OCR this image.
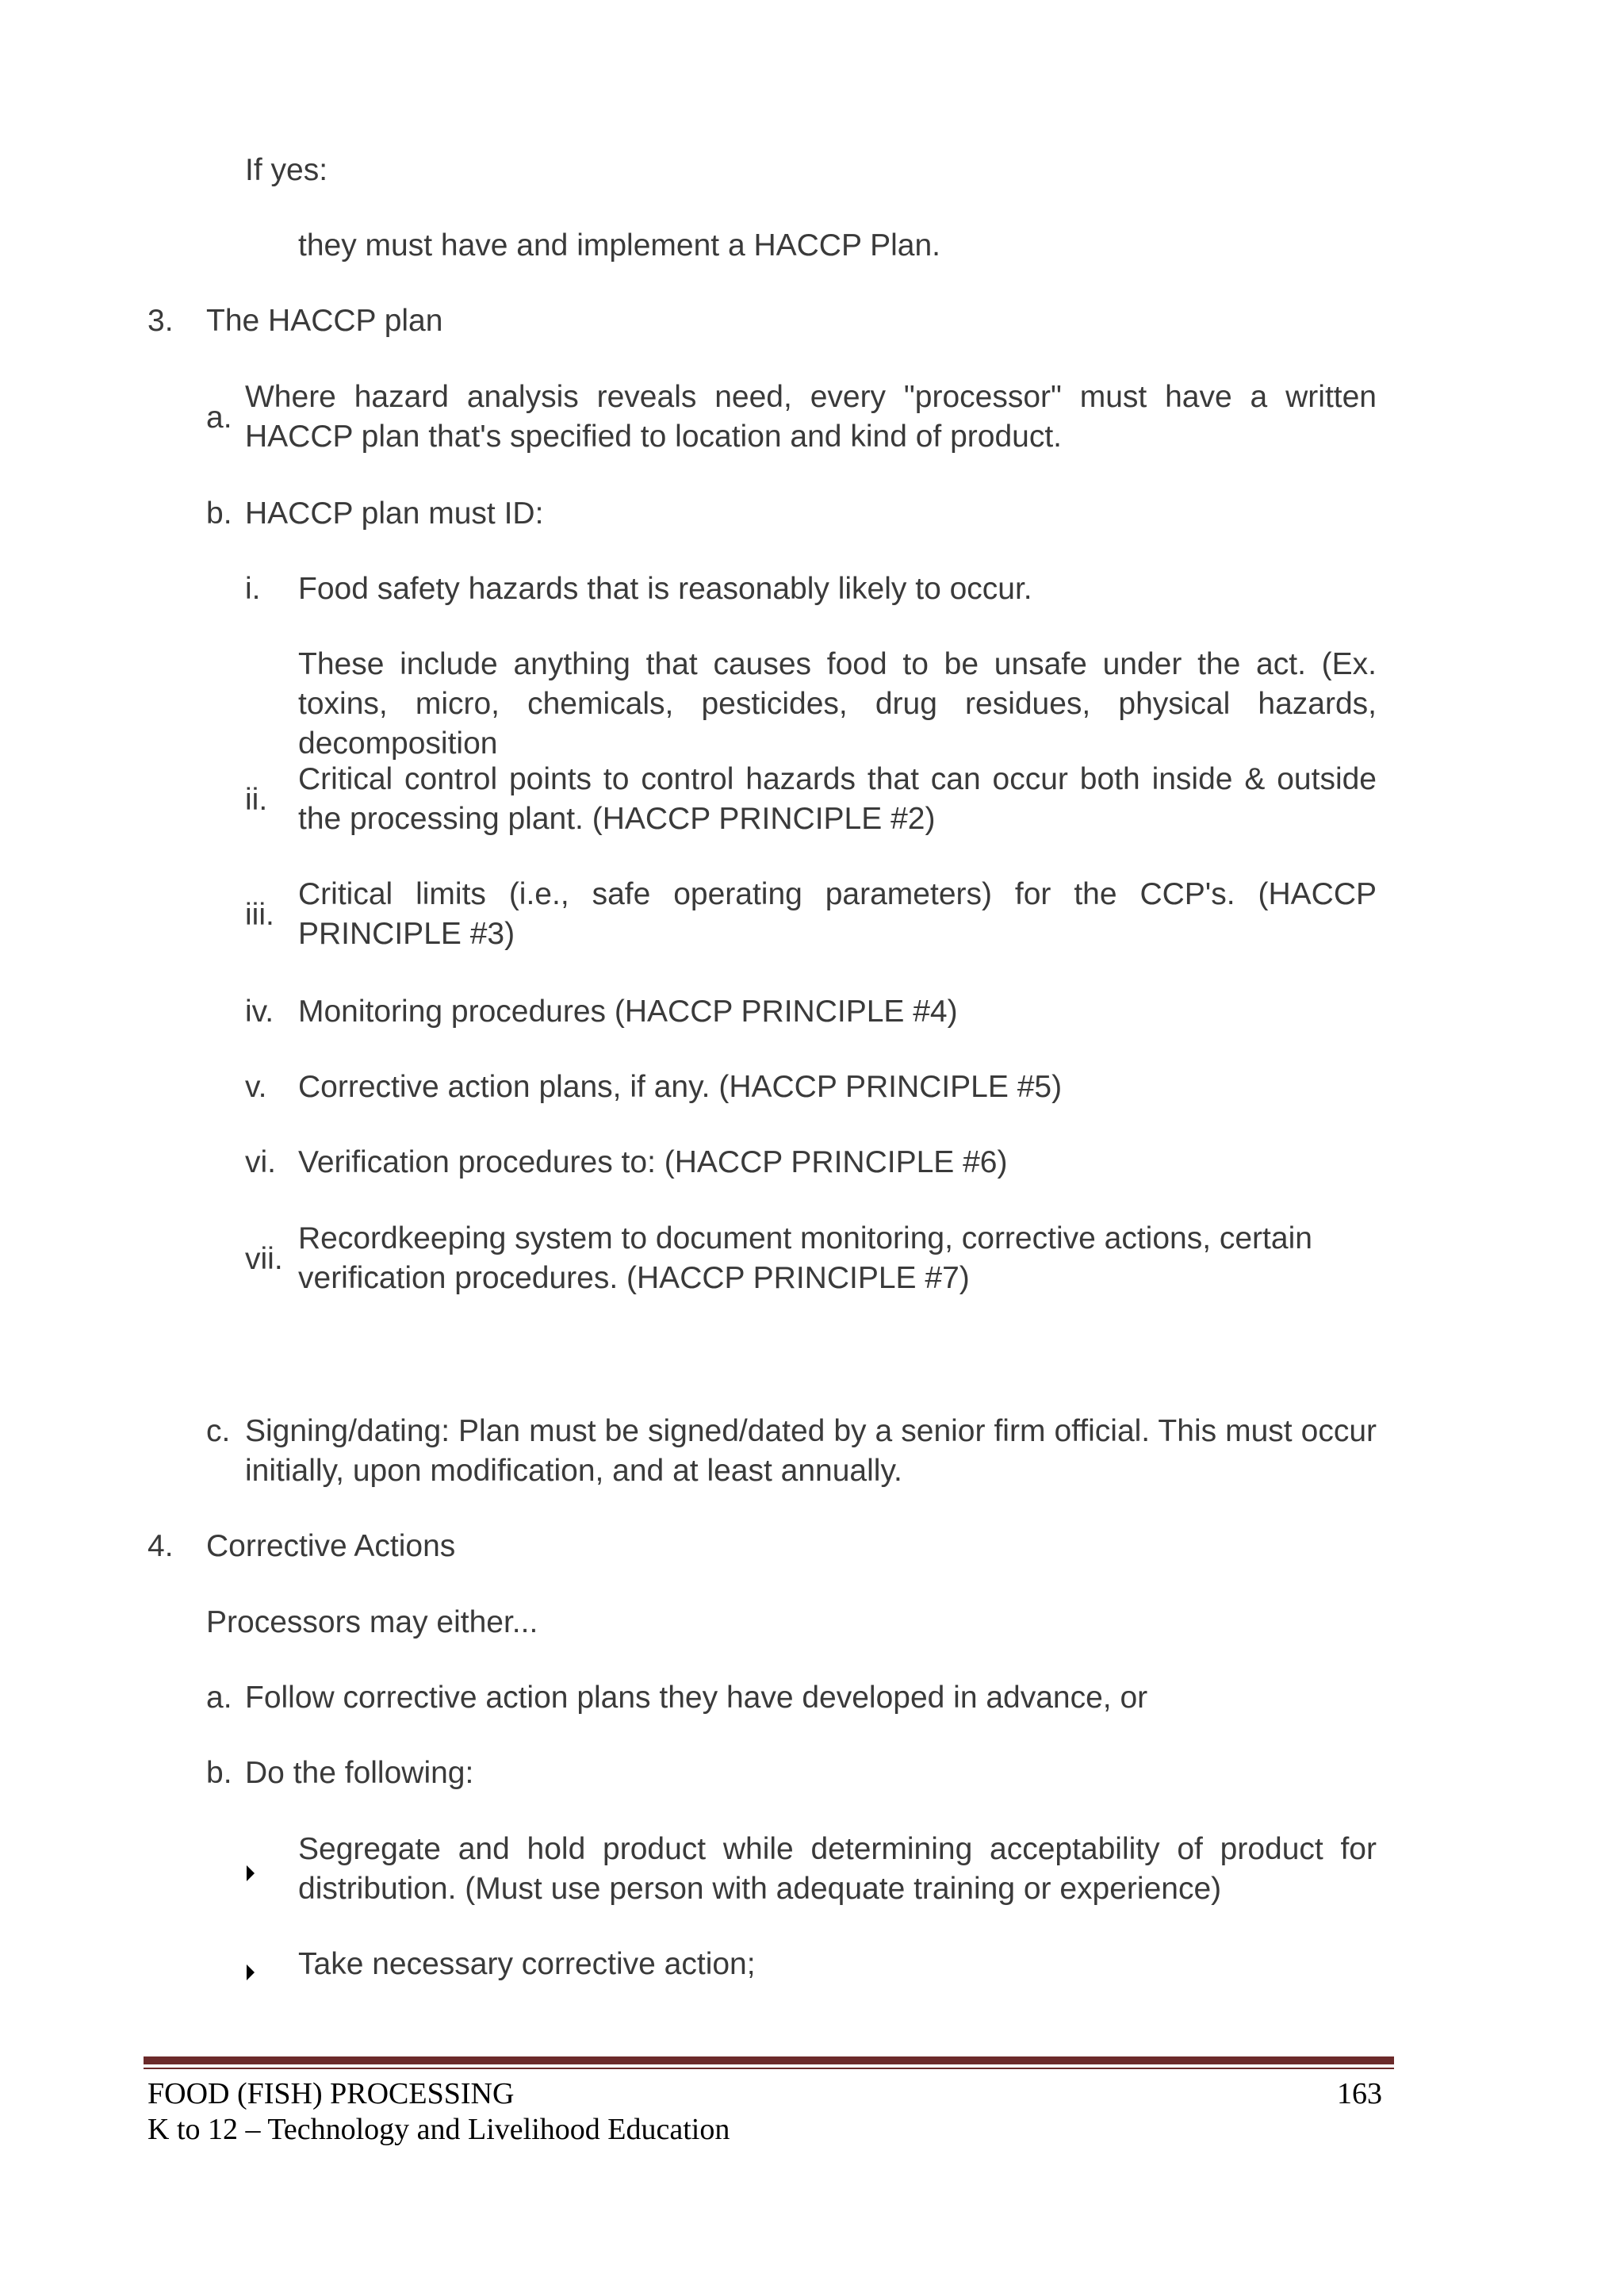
If yes:
they must have and implement a HACCP Plan.
3. The HACCP plan
a.
Where hazard analysis reveals need, every "processor" must have a written HACCP plan that's specified to location and kind of product.
b. HACCP plan must ID:
i. Food safety hazards that is reasonably likely to occur.
These include anything that causes food to be unsafe under the act. (Ex. toxins, micro, chemicals, pesticides, drug residues, physical hazards, decomposition
ii.
Critical control points to control hazards that can occur both inside & outside the processing plant. (HACCP PRINCIPLE #2)
iii.
Critical limits (i.e., safe operating parameters) for the CCP's. (HACCP PRINCIPLE #3)
iv. Monitoring procedures (HACCP PRINCIPLE #4)
v. Corrective action plans, if any. (HACCP PRINCIPLE #5)
vi. Verification procedures to: (HACCP PRINCIPLE #6)
vii.
Recordkeeping system to document monitoring, corrective actions, certain verification procedures. (HACCP PRINCIPLE #7)
c. Signing/dating: Plan must be signed/dated by a senior firm official. This must occur initially, upon modification, and at least annually.
4. Corrective Actions
Processors may either...
a. Follow corrective action plans they have developed in advance, or
b. Do the following:
Segregate and hold product while determining acceptability of product for distribution. (Must use person with adequate training or experience)
Take necessary corrective action;
FOOD (FISH) PROCESSING	163
K to 12 – Technology and Livelihood Education
